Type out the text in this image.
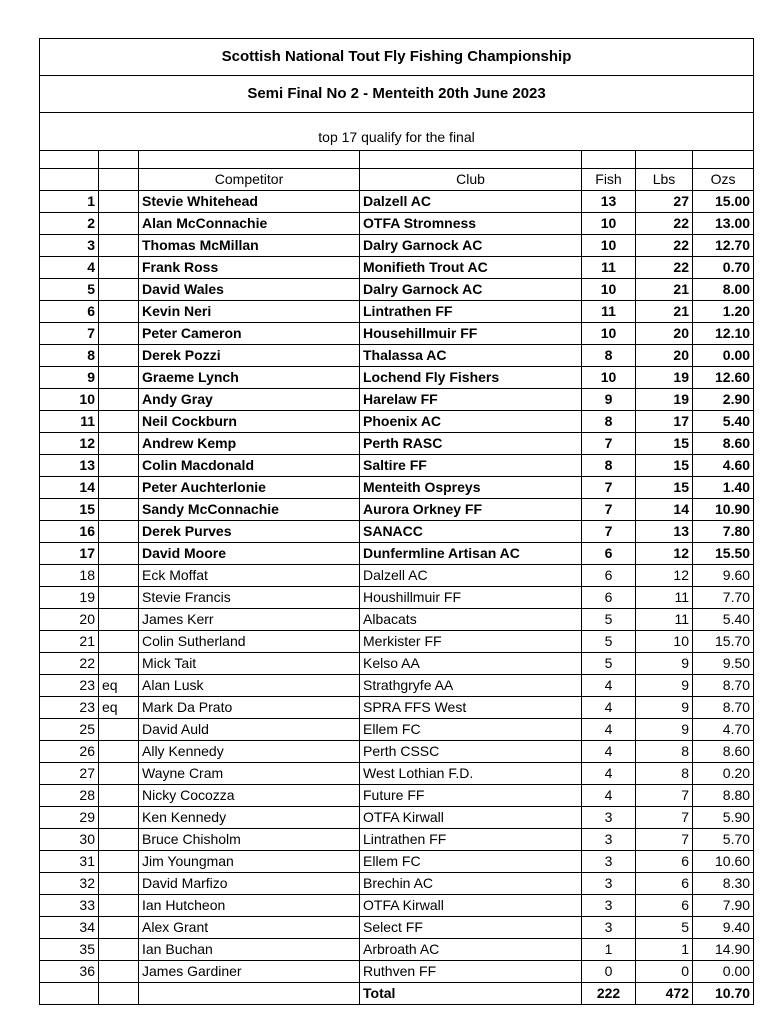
Scottish National Tout Fly Fishing Championship						
Semi Final No 2 - Menteith 20th June 2023						
top 17 qualify for the final						

		Competitor	Club	Fish	Lbs	Ozs
1		Stevie Whitehead	Dalzell AC	13	27	15.00
2		Alan McConnachie	OTFA Stromness	10	22	13.00
3		Thomas McMillan	Dalry Garnock AC	10	22	12.70
4		Frank Ross	Monifieth Trout AC	11	22	0.70
5		David Wales	Dalry Garnock AC	10	21	8.00
6		Kevin Neri	Lintrathen FF	11	21	1.20
7		Peter Cameron	Househillmuir FF	10	20	12.10
8		Derek Pozzi	Thalassa AC	8	20	0.00
9		Graeme Lynch	Lochend Fly Fishers	10	19	12.60
10		Andy Gray	Harelaw FF	9	19	2.90
11		Neil Cockburn	Phoenix AC	8	17	5.40
12		Andrew Kemp	Perth RASC	7	15	8.60
13		Colin Macdonald	Saltire FF	8	15	4.60
14		Peter Auchterlonie	Menteith Ospreys	7	15	1.40
15		Sandy McConnachie	Aurora Orkney FF	7	14	10.90
16		Derek Purves	SANACC	7	13	7.80
17		David Moore	Dunfermline Artisan AC	6	12	15.50
18		Eck Moffat	Dalzell AC	6	12	9.60
19		Stevie Francis	Houshillmuir FF	6	11	7.70
20		James Kerr	Albacats	5	11	5.40
21		Colin Sutherland	Merkister FF	5	10	15.70
22		Mick Tait	Kelso AA	5	9	9.50
23	eq	Alan Lusk	Strathgryfe AA	4	9	8.70
23	eq	Mark Da Prato	SPRA FFS West	4	9	8.70
25		David Auld	Ellem FC	4	9	4.70
26		Ally Kennedy	Perth CSSC	4	8	8.60
27		Wayne Cram	West Lothian F.D.	4	8	0.20
28		Nicky Cocozza	Future FF	4	7	8.80
29		Ken Kennedy	OTFA Kirwall	3	7	5.90
30		Bruce Chisholm	Lintrathen FF	3	7	5.70
31		Jim Youngman	Ellem FC	3	6	10.60
32		David Marfizo	Brechin AC	3	6	8.30
33		Ian Hutcheon	OTFA Kirwall	3	6	7.90
34		Alex Grant	Select FF	3	5	9.40
35		Ian Buchan	Arbroath AC	1	1	14.90
36		James Gardiner	Ruthven FF	0	0	0.00
			Total	222	472	10.70
